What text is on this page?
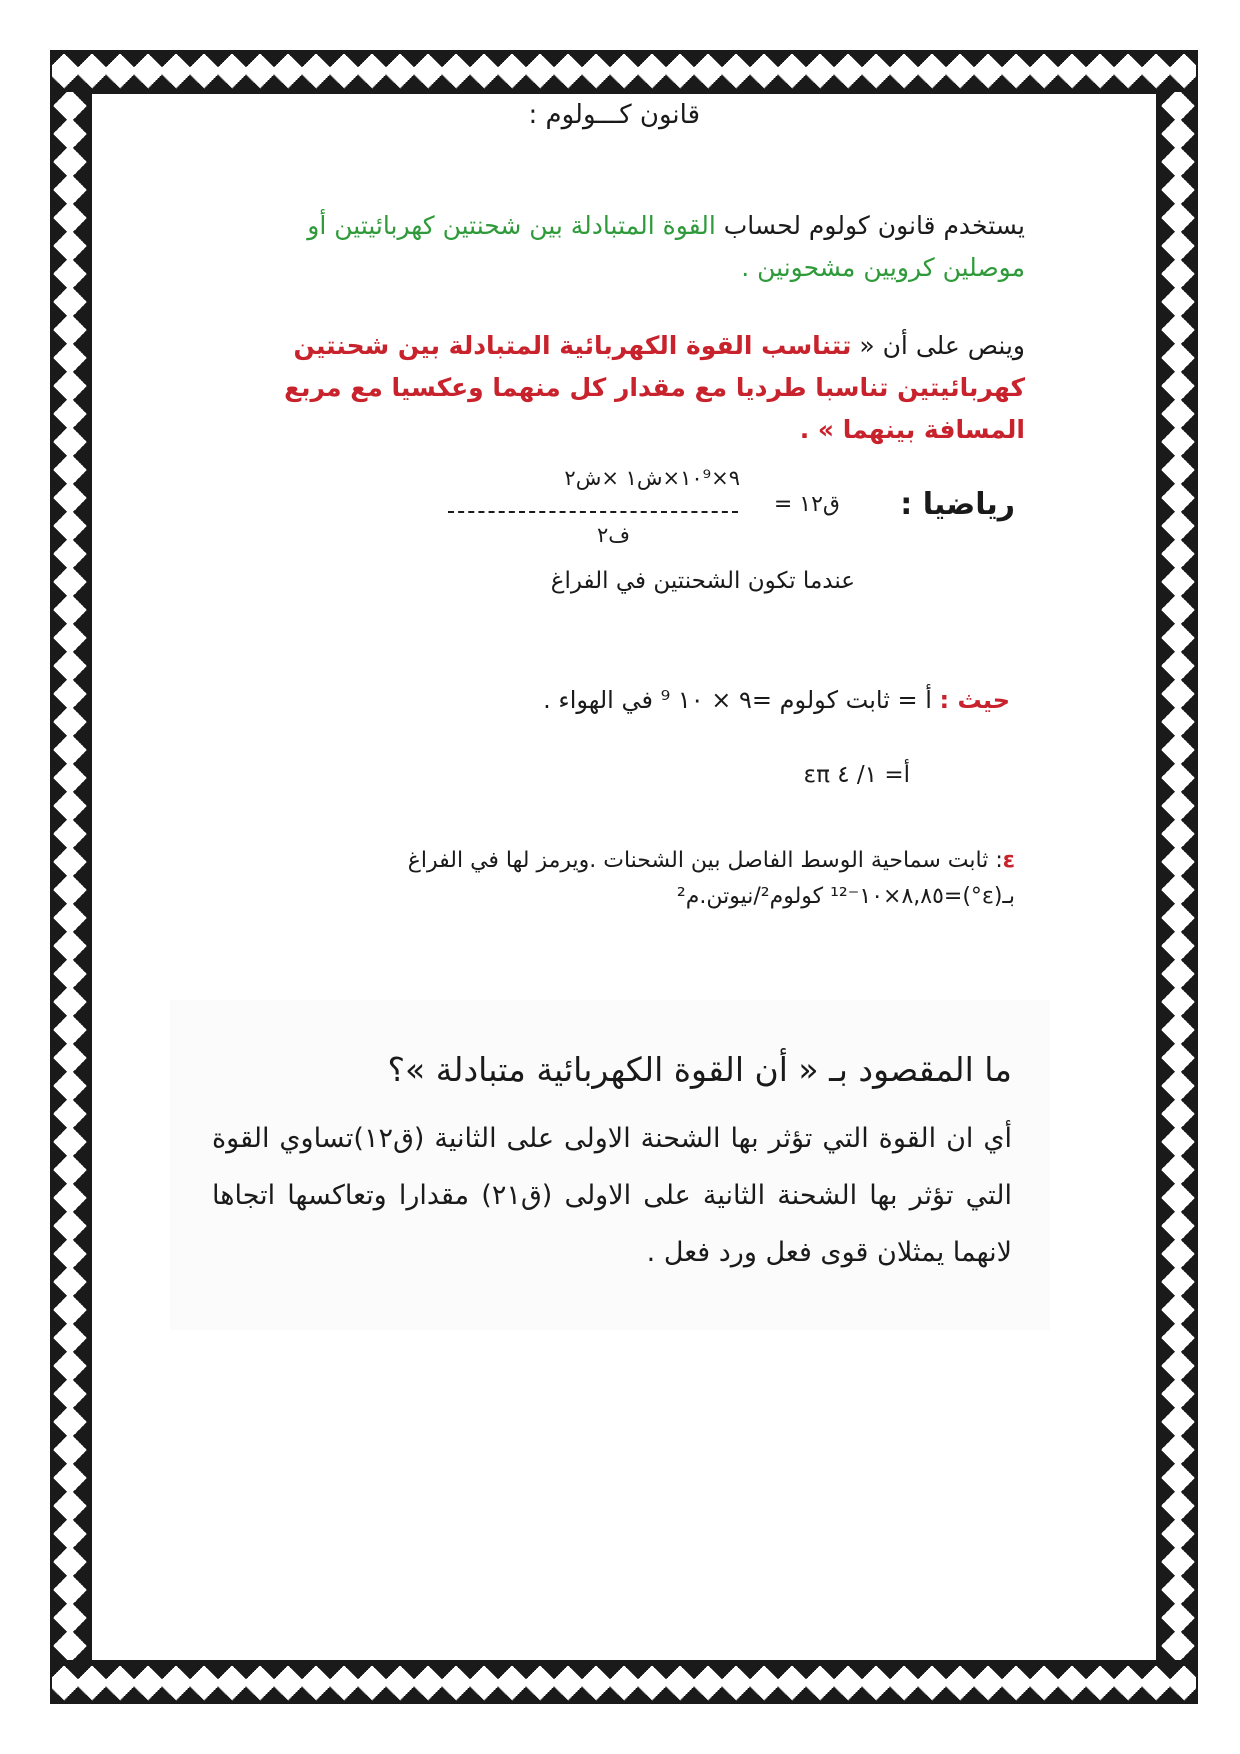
قانون كـــولوم :
يستخدم قانون كولوم لحساب القوة المتبادلة بين شحنتين كهربائيتين أو موصلين كرويين مشحونين .
وينص على أن « تتناسب القوة الكهربائية المتبادلة بين شحنتين كهربائيتين تناسبا طرديا مع مقدار كل منهما وعكسيا مع مربع المسافة بينهما » .
رياضيا :
ق١٢ =
٩×١٠⁹×ش١ ×ش٢
ف٢
عندما تكون الشحنتين في الفراغ
حيث : أ = ثابت كولوم =٩ × ١٠ ⁹ في الهواء .
أ= ١/ ٤ επ
ε: ثابت سماحية الوسط الفاصل بين الشحنات .ويرمز لها في الفراغ بـ(ε°)=٨,٨٥×١٠⁻¹² كولوم²/نيوتن.م²
ما المقصود بـ « أن القوة الكهربائية متبادلة »؟
أي ان القوة التي تؤثر بها الشحنة الاولى على الثانية (ق١٢)تساوي القوة التي تؤثر بها الشحنة الثانية على الاولى (ق٢١) مقدارا وتعاكسها اتجاها لانهما يمثلان قوى فعل ورد فعل .
